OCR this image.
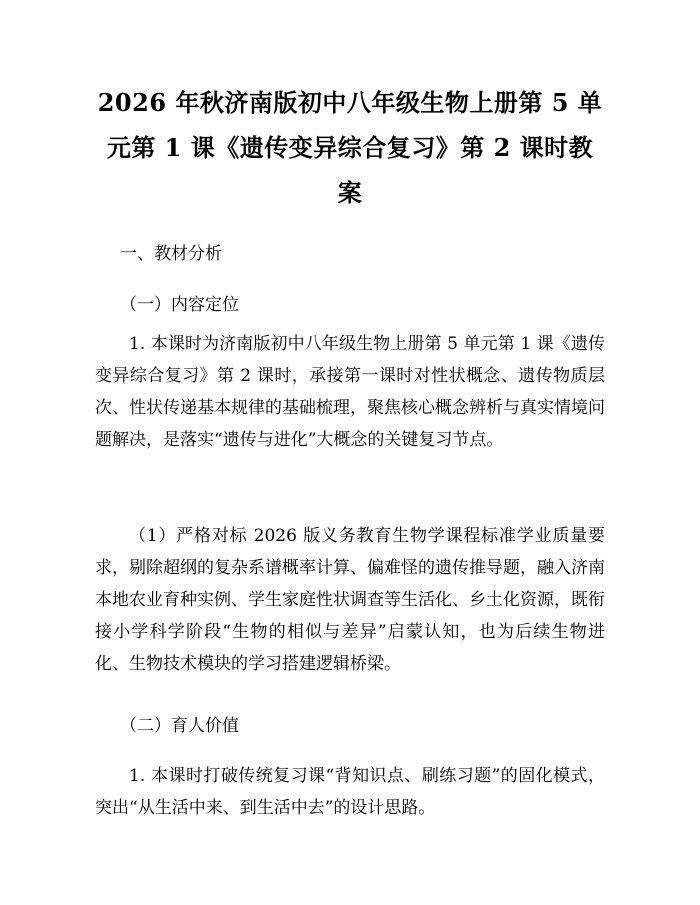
2026 年秋济南版初中八年级生物上册第 5 单元第 1 课《遗传变异综合复习》第 2 课时教案

一、教材分析

（一）内容定位

1. 本课时为济南版初中八年级生物上册第 5 单元第 1 课《遗传变异综合复习》第 2 课时，承接第一课时对性状概念、遗传物质层次、性状传递基本规律的基础梳理，聚焦核心概念辨析与真实情境问题解决，是落实“遗传与进化”大概念的关键复习节点。

（1）严格对标 2026 版义务教育生物学课程标准学业质量要求，剔除超纲的复杂系谱概率计算、偏难怪的遗传推导题，融入济南本地农业育种实例、学生家庭性状调查等生活化、乡土化资源，既衔接小学科学阶段“生物的相似与差异”启蒙认知，也为后续生物进化、生物技术模块的学习搭建逻辑桥梁。

（二）育人价值

1. 本课时打破传统复习课“背知识点、刷练习题”的固化模式，突出“从生活中来、到生活中去”的设计思路。
